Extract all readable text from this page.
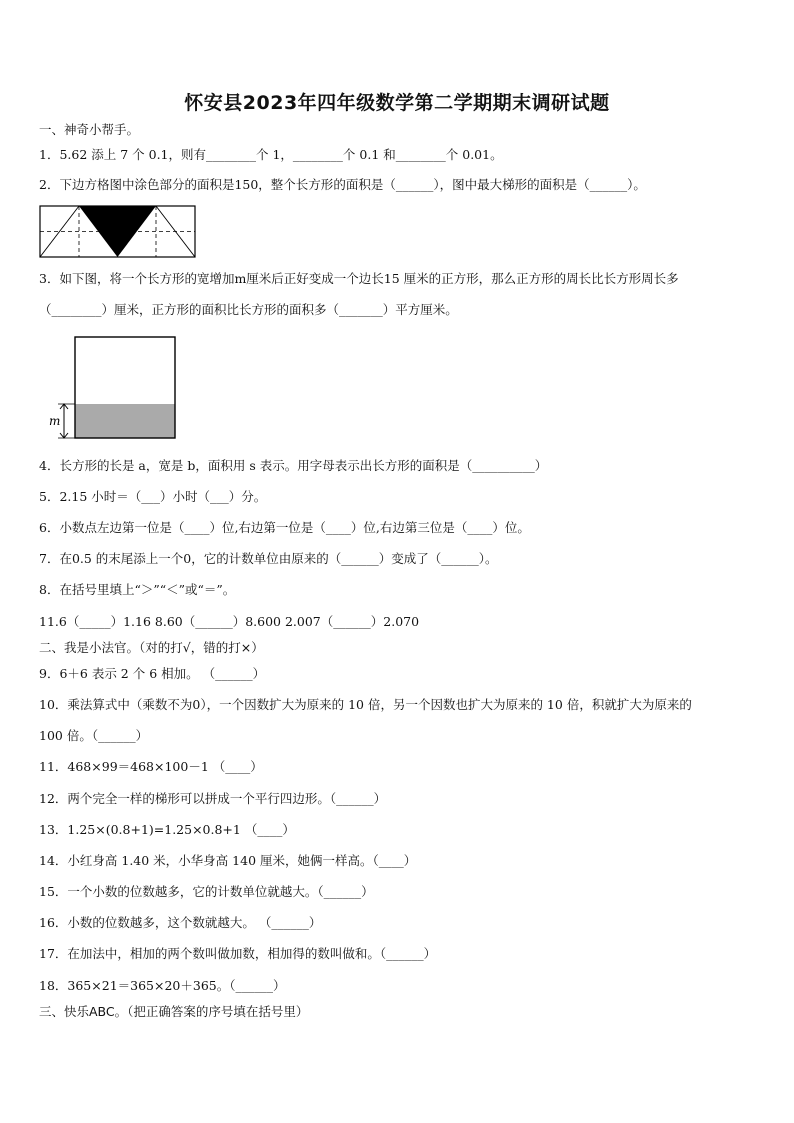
怀安县2023年四年级数学第二学期期末调研试题
一、神奇小帮手。
1．5.62 添上 7 个 0.1，则有________个 1，________个 0.1 和________个 0.01。
2．下边方格图中涂色部分的面积是150，整个长方形的面积是（______），图中最大梯形的面积是（______）。
3．如下图，将一个长方形的宽增加m厘米后正好变成一个边长15 厘米的正方形，那么正方形的周长比长方形周长多
（________）厘米，正方形的面积比长方形的面积多（_______）平方厘米。
m
4．长方形的长是 a，宽是 b，面积用 s 表示。用字母表示出长方形的面积是（__________）
5．2.15 小时＝（___）小时（___）分。
6．小数点左边第一位是（____）位,右边第一位是（____）位,右边第三位是（____）位。
7．在0.5 的末尾添上一个0，它的计数单位由原来的（______）变成了（______）。
8．在括号里填上“＞”“＜”或“＝”。
11.6（_____）1.16 8.60（______）8.600 2.007（______）2.070
二、我是小法官。（对的打√，错的打×）
9．6＋6 表示 2 个 6 相加。 （______）
10．乘法算式中（乘数不为0），一个因数扩大为原来的 10 倍，另一个因数也扩大为原来的 10 倍，积就扩大为原来的
100 倍。（______）
11．468×99＝468×100－1 （____）
12．两个完全一样的梯形可以拼成一个平行四边形。（______）
13．1.25×(0.8+1)=1.25×0.8+1 （____）
14．小红身高 1.40 米，小华身高 140 厘米，她俩一样高。（____）
15．一个小数的位数越多，它的计数单位就越大。（______）
16．小数的位数越多，这个数就越大。 （______）
17．在加法中，相加的两个数叫做加数，相加得的数叫做和。（______）
18．365×21＝365×20＋365。（______）
三、快乐ABC。（把正确答案的序号填在括号里）
